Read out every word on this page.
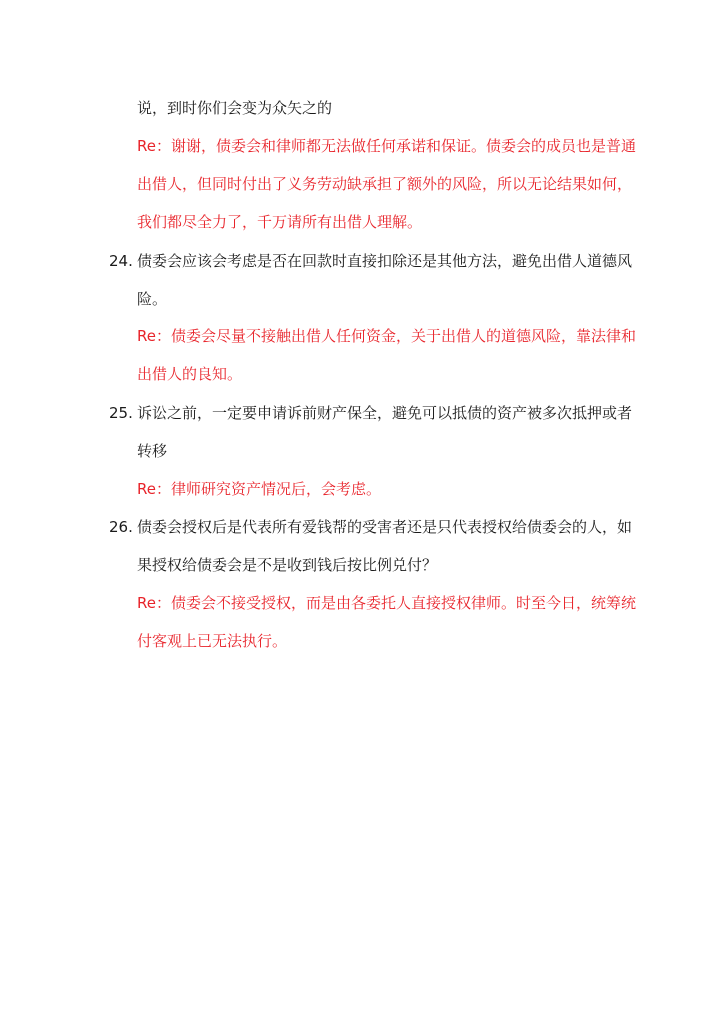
说，到时你们会变为众矢之的
Re：谢谢，债委会和律师都无法做任何承诺和保证。债委会的成员也是普通
出借人，但同时付出了义务劳动缺承担了额外的风险，所以无论结果如何，
我们都尽全力了，千万请所有出借人理解。
24. 债委会应该会考虑是否在回款时直接扣除还是其他方法，避免出借人道德风
险。
Re：债委会尽量不接触出借人任何资金，关于出借人的道德风险，靠法律和
出借人的良知。
25. 诉讼之前，一定要申请诉前财产保全，避免可以抵债的资产被多次抵押或者
转移
Re：律师研究资产情况后，会考虑。
26. 债委会授权后是代表所有爱钱帮的受害者还是只代表授权给债委会的人，如
果授权给债委会是不是收到钱后按比例兑付？
Re：债委会不接受授权，而是由各委托人直接授权律师。时至今日，统筹统
付客观上已无法执行。
